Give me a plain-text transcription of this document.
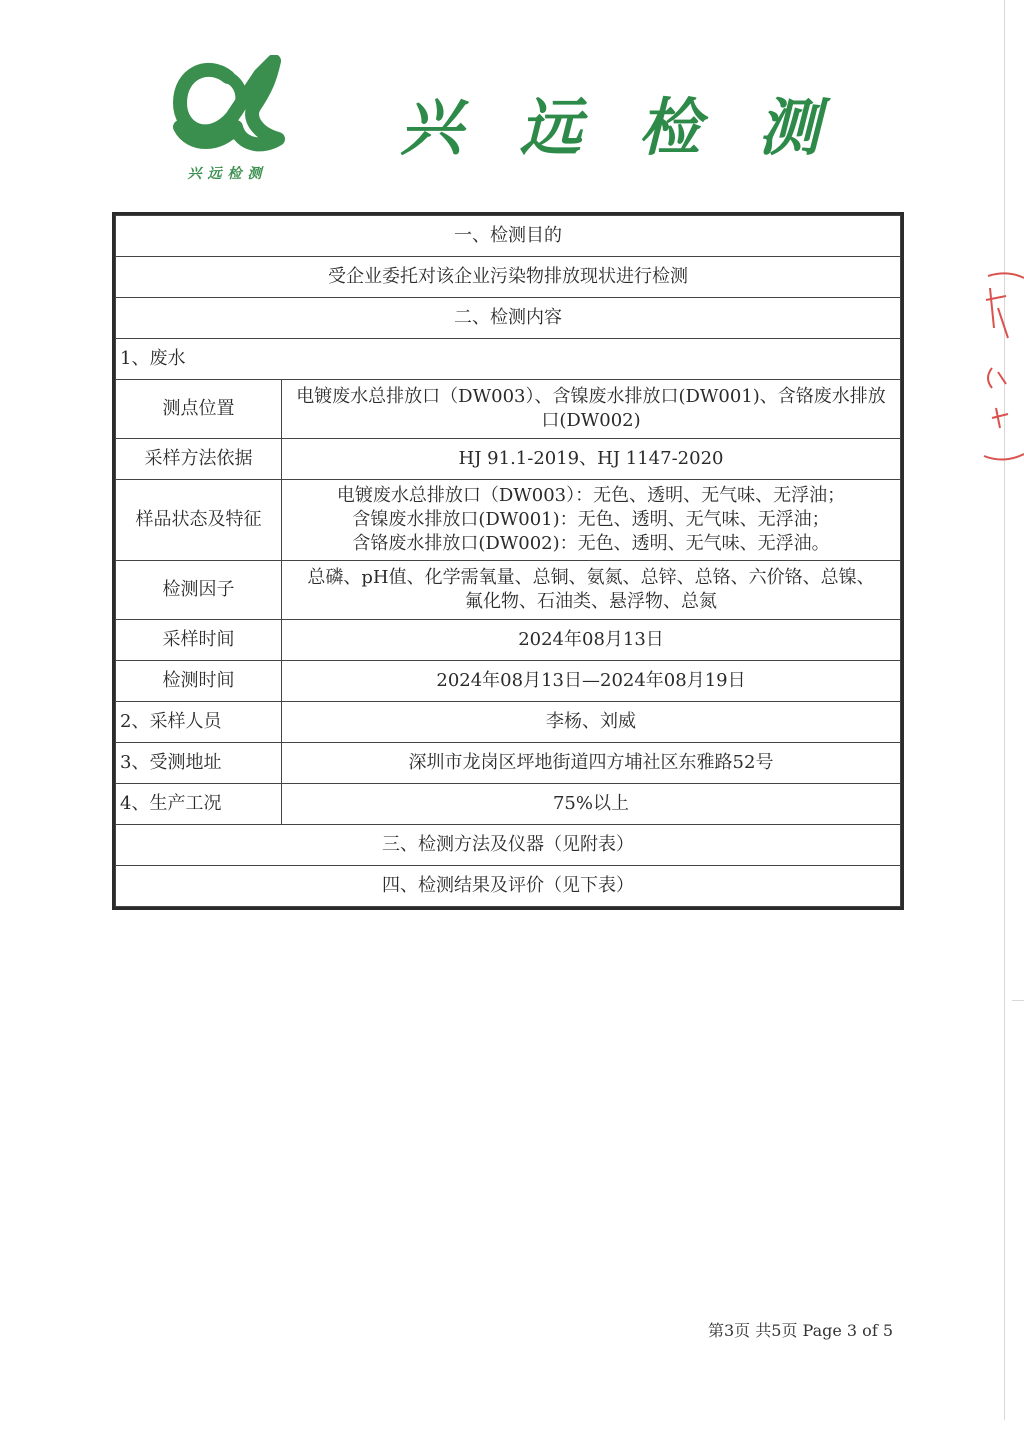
兴远检测
兴 远 检 测
一、检测目的	
受企业委托对该企业污染物排放现状进行检测	
二、检测内容	
1、废水	
测点位置	电镀废水总排放口（DW003）、含镍废水排放口(DW001)、含铬废水排放
口(DW002)

采样方法依据	HJ 91.1-2019、HJ 1147-2020
样品状态及特征	电镀废水总排放口（DW003）：无色、透明、无气味、无浮油；
含镍废水排放口(DW001)：无色、透明、无气味、无浮油；
含铬废水排放口(DW002)：无色、透明、无气味、无浮油。

检测因子	总磷、pH值、化学需氧量、总铜、氨氮、总锌、总铬、六价铬、总镍、
氟化物、石油类、悬浮物、总氮

采样时间	2024年08月13日
检测时间	2024年08月13日—2024年08月19日
2、采样人员	李杨、刘威
3、受测地址	深圳市龙岗区坪地街道四方埔社区东雅路52号
4、生产工况	75%以上
三、检测方法及仪器（见附表）	
四、检测结果及评价（见下表）	
第3页 共5页 Page 3 of 5
